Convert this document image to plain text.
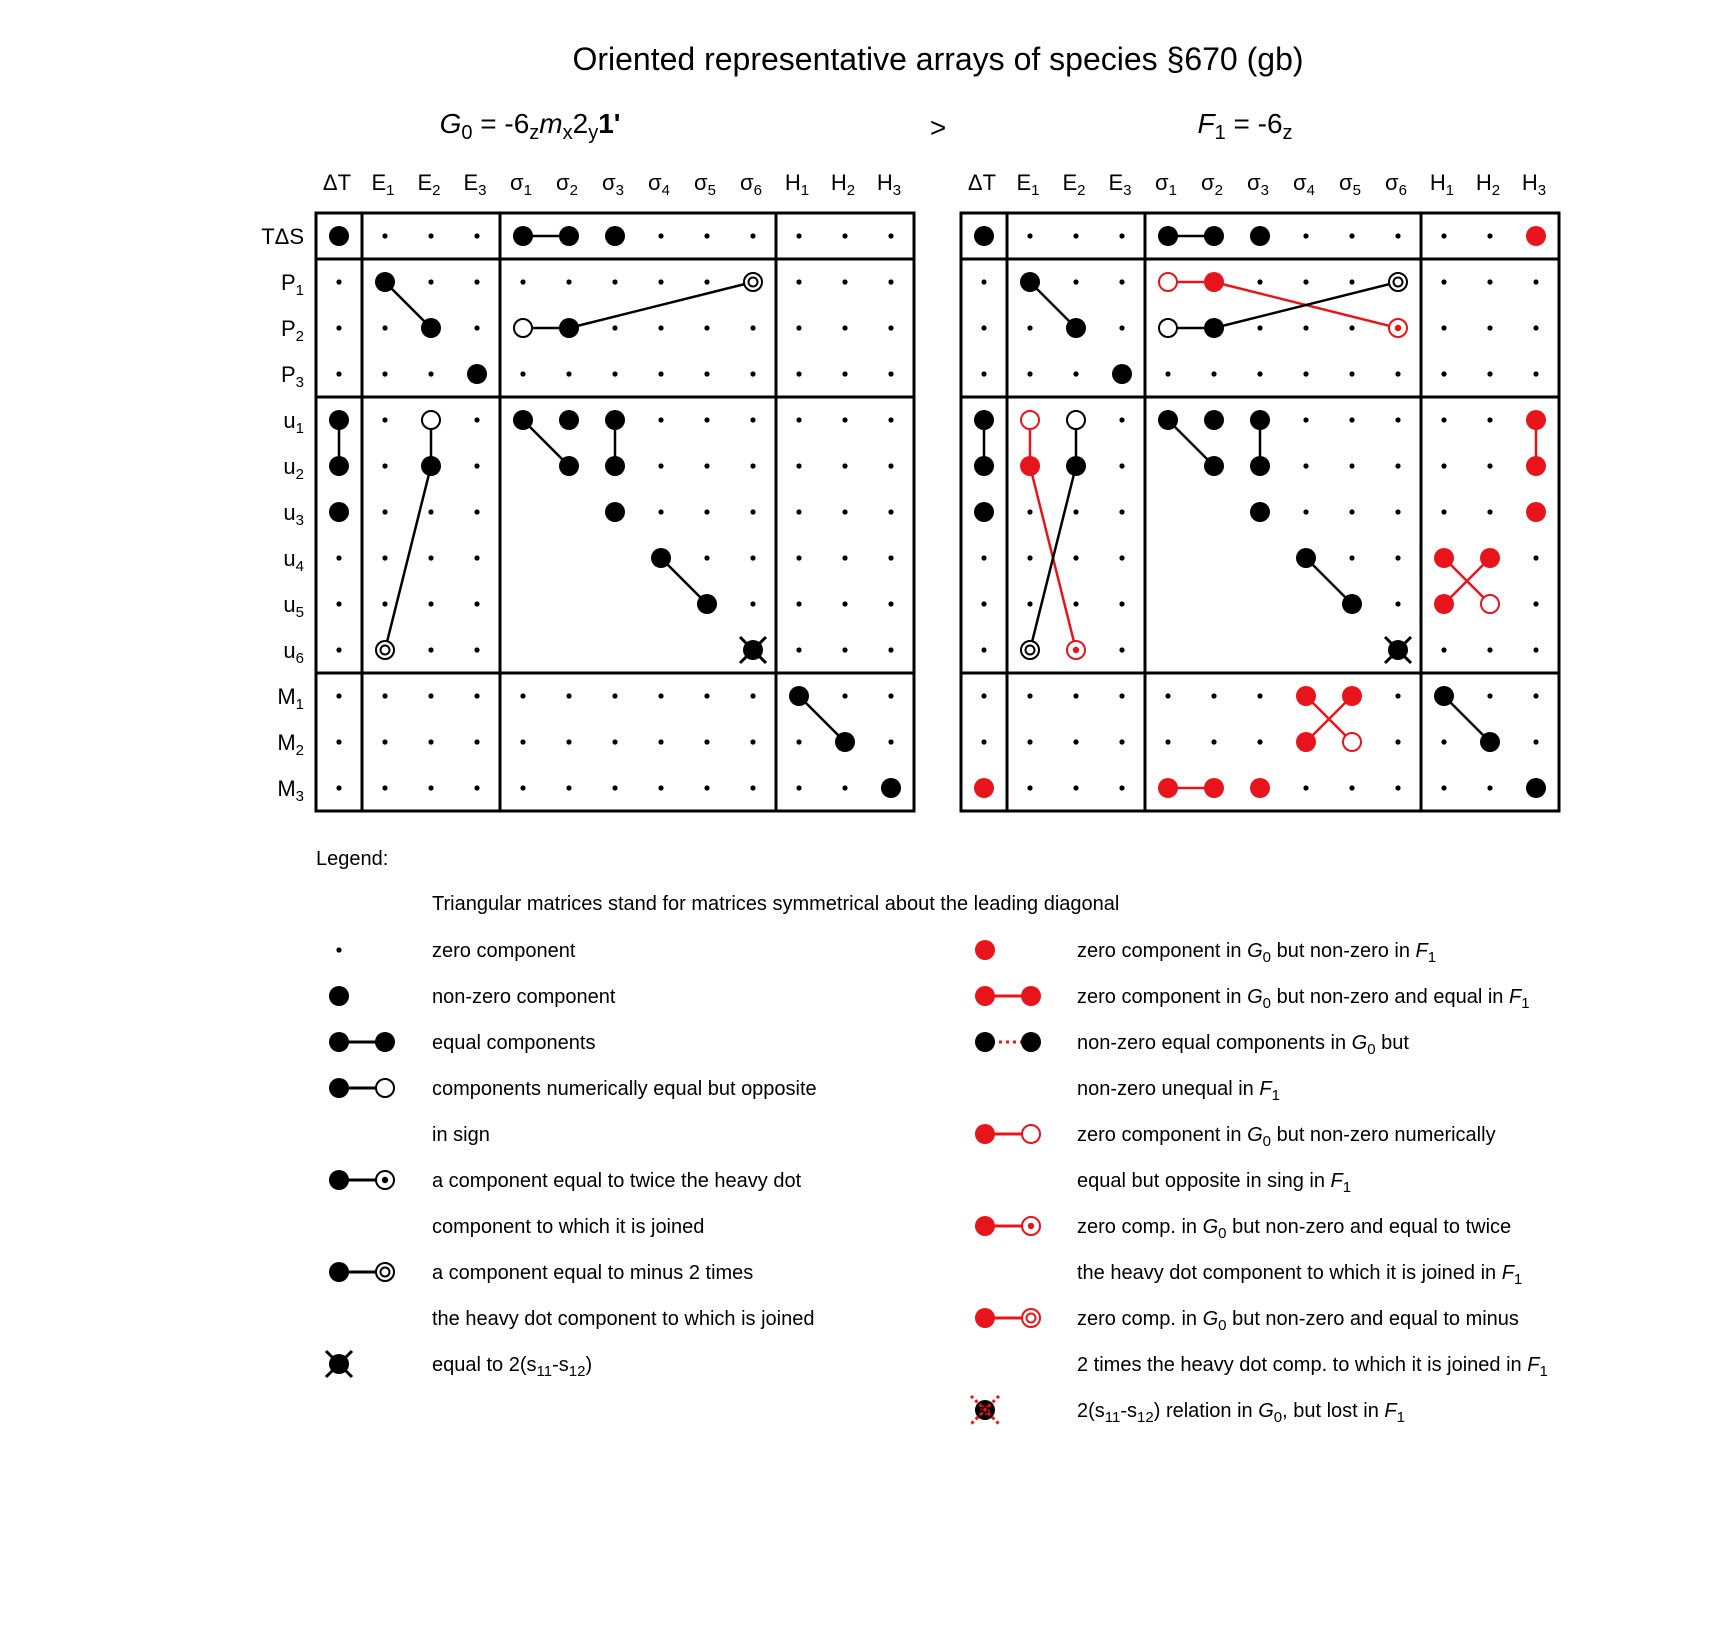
Oriented representative arrays of species §670 (gb)
G0 = -6zmx2y1'	>	F1 = -6z
ΔT E1 E2 E3 σ1 σ2 σ3 σ4 σ5 σ6 H1 H2 H3
TΔS
P1
P2
P3
u1
u2
u3
u4
u5
u6
M1
M2
M3
ΔT E1 E2 E3 σ1 σ2 σ3 σ4 σ5 σ6 H1 H2 H3
Legend:
Triangular matrices stand for matrices symmetrical about the leading diagonal
zero component
non-zero component
equal components
components numerically equal but opposite
in sign
a component equal to twice the heavy dot
component to which it is joined
a component equal to minus 2 times
the heavy dot component to which is joined
equal to 2(s11-s12)
zero component in G0 but non-zero in F1
zero component in G0 but non-zero and equal in F1
non-zero equal components in G0 but
non-zero unequal in F1
zero component in G0 but non-zero numerically
equal but opposite in sing in F1
zero comp. in G0 but non-zero and equal to twice
the heavy dot component to which it is joined in F1
zero comp. in G0 but non-zero and equal to minus
2 times the heavy dot comp. to which it is joined in F1
2(s11-s12) relation in G0, but lost in F1
